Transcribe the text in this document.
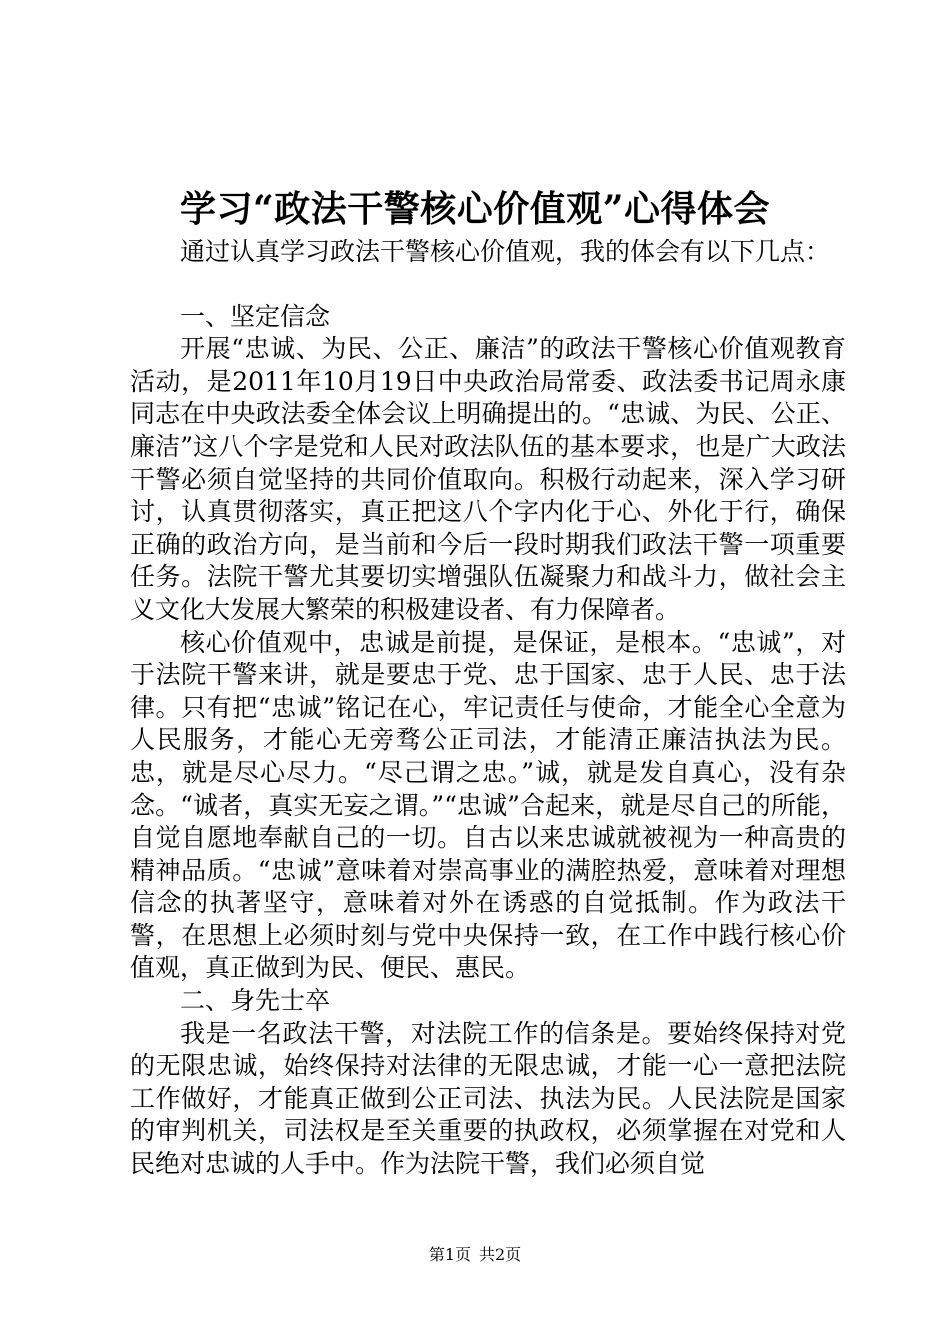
学习“政法干警核心价值观”心得体会

通过认真学习政法干警核心价值观，我的体会有以下几点：

一、坚定信念

开展“忠诚、为民、公正、廉洁”的政法干警核心价值观教育活动，是2011年10月19日中央政治局常委、政法委书记周永康同志在中央政法委全体会议上明确提出的。“忠诚、为民、公正、廉洁”这八个字是党和人民对政法队伍的基本要求，也是广大政法干警必须自觉坚持的共同价值取向。积极行动起来，深入学习研讨，认真贯彻落实，真正把这八个字内化于心、外化于行，确保正确的政治方向，是当前和今后一段时期我们政法干警一项重要任务。法院干警尤其要切实增强队伍凝聚力和战斗力，做社会主义文化大发展大繁荣的积极建设者、有力保障者。

核心价值观中，忠诚是前提，是保证，是根本。“忠诚”，对于法院干警来讲，就是要忠于党、忠于国家、忠于人民、忠于法律。只有把“忠诚”铭记在心，牢记责任与使命，才能全心全意为人民服务，才能心无旁骛公正司法，才能清正廉洁执法为民。忠，就是尽心尽力。“尽己谓之忠。”诚，就是发自真心，没有杂念。“诚者，真实无妄之谓。”“忠诚”合起来，就是尽自己的所能，自觉自愿地奉献自己的一切。自古以来忠诚就被视为一种高贵的精神品质。“忠诚”意味着对崇高事业的满腔热爱，意味着对理想信念的执著坚守，意味着对外在诱惑的自觉抵制。作为政法干警，在思想上必须时刻与党中央保持一致，在工作中践行核心价值观，真正做到为民、便民、惠民。

二、身先士卒

我是一名政法干警，对法院工作的信条是。要始终保持对党的无限忠诚，始终保持对法律的无限忠诚，才能一心一意把法院工作做好，才能真正做到公正司法、执法为民。人民法院是国家的审判机关，司法权是至关重要的执政权，必须掌握在对党和人民绝对忠诚的人手中。作为法院干警，我们必须自觉

第1页 共2页
